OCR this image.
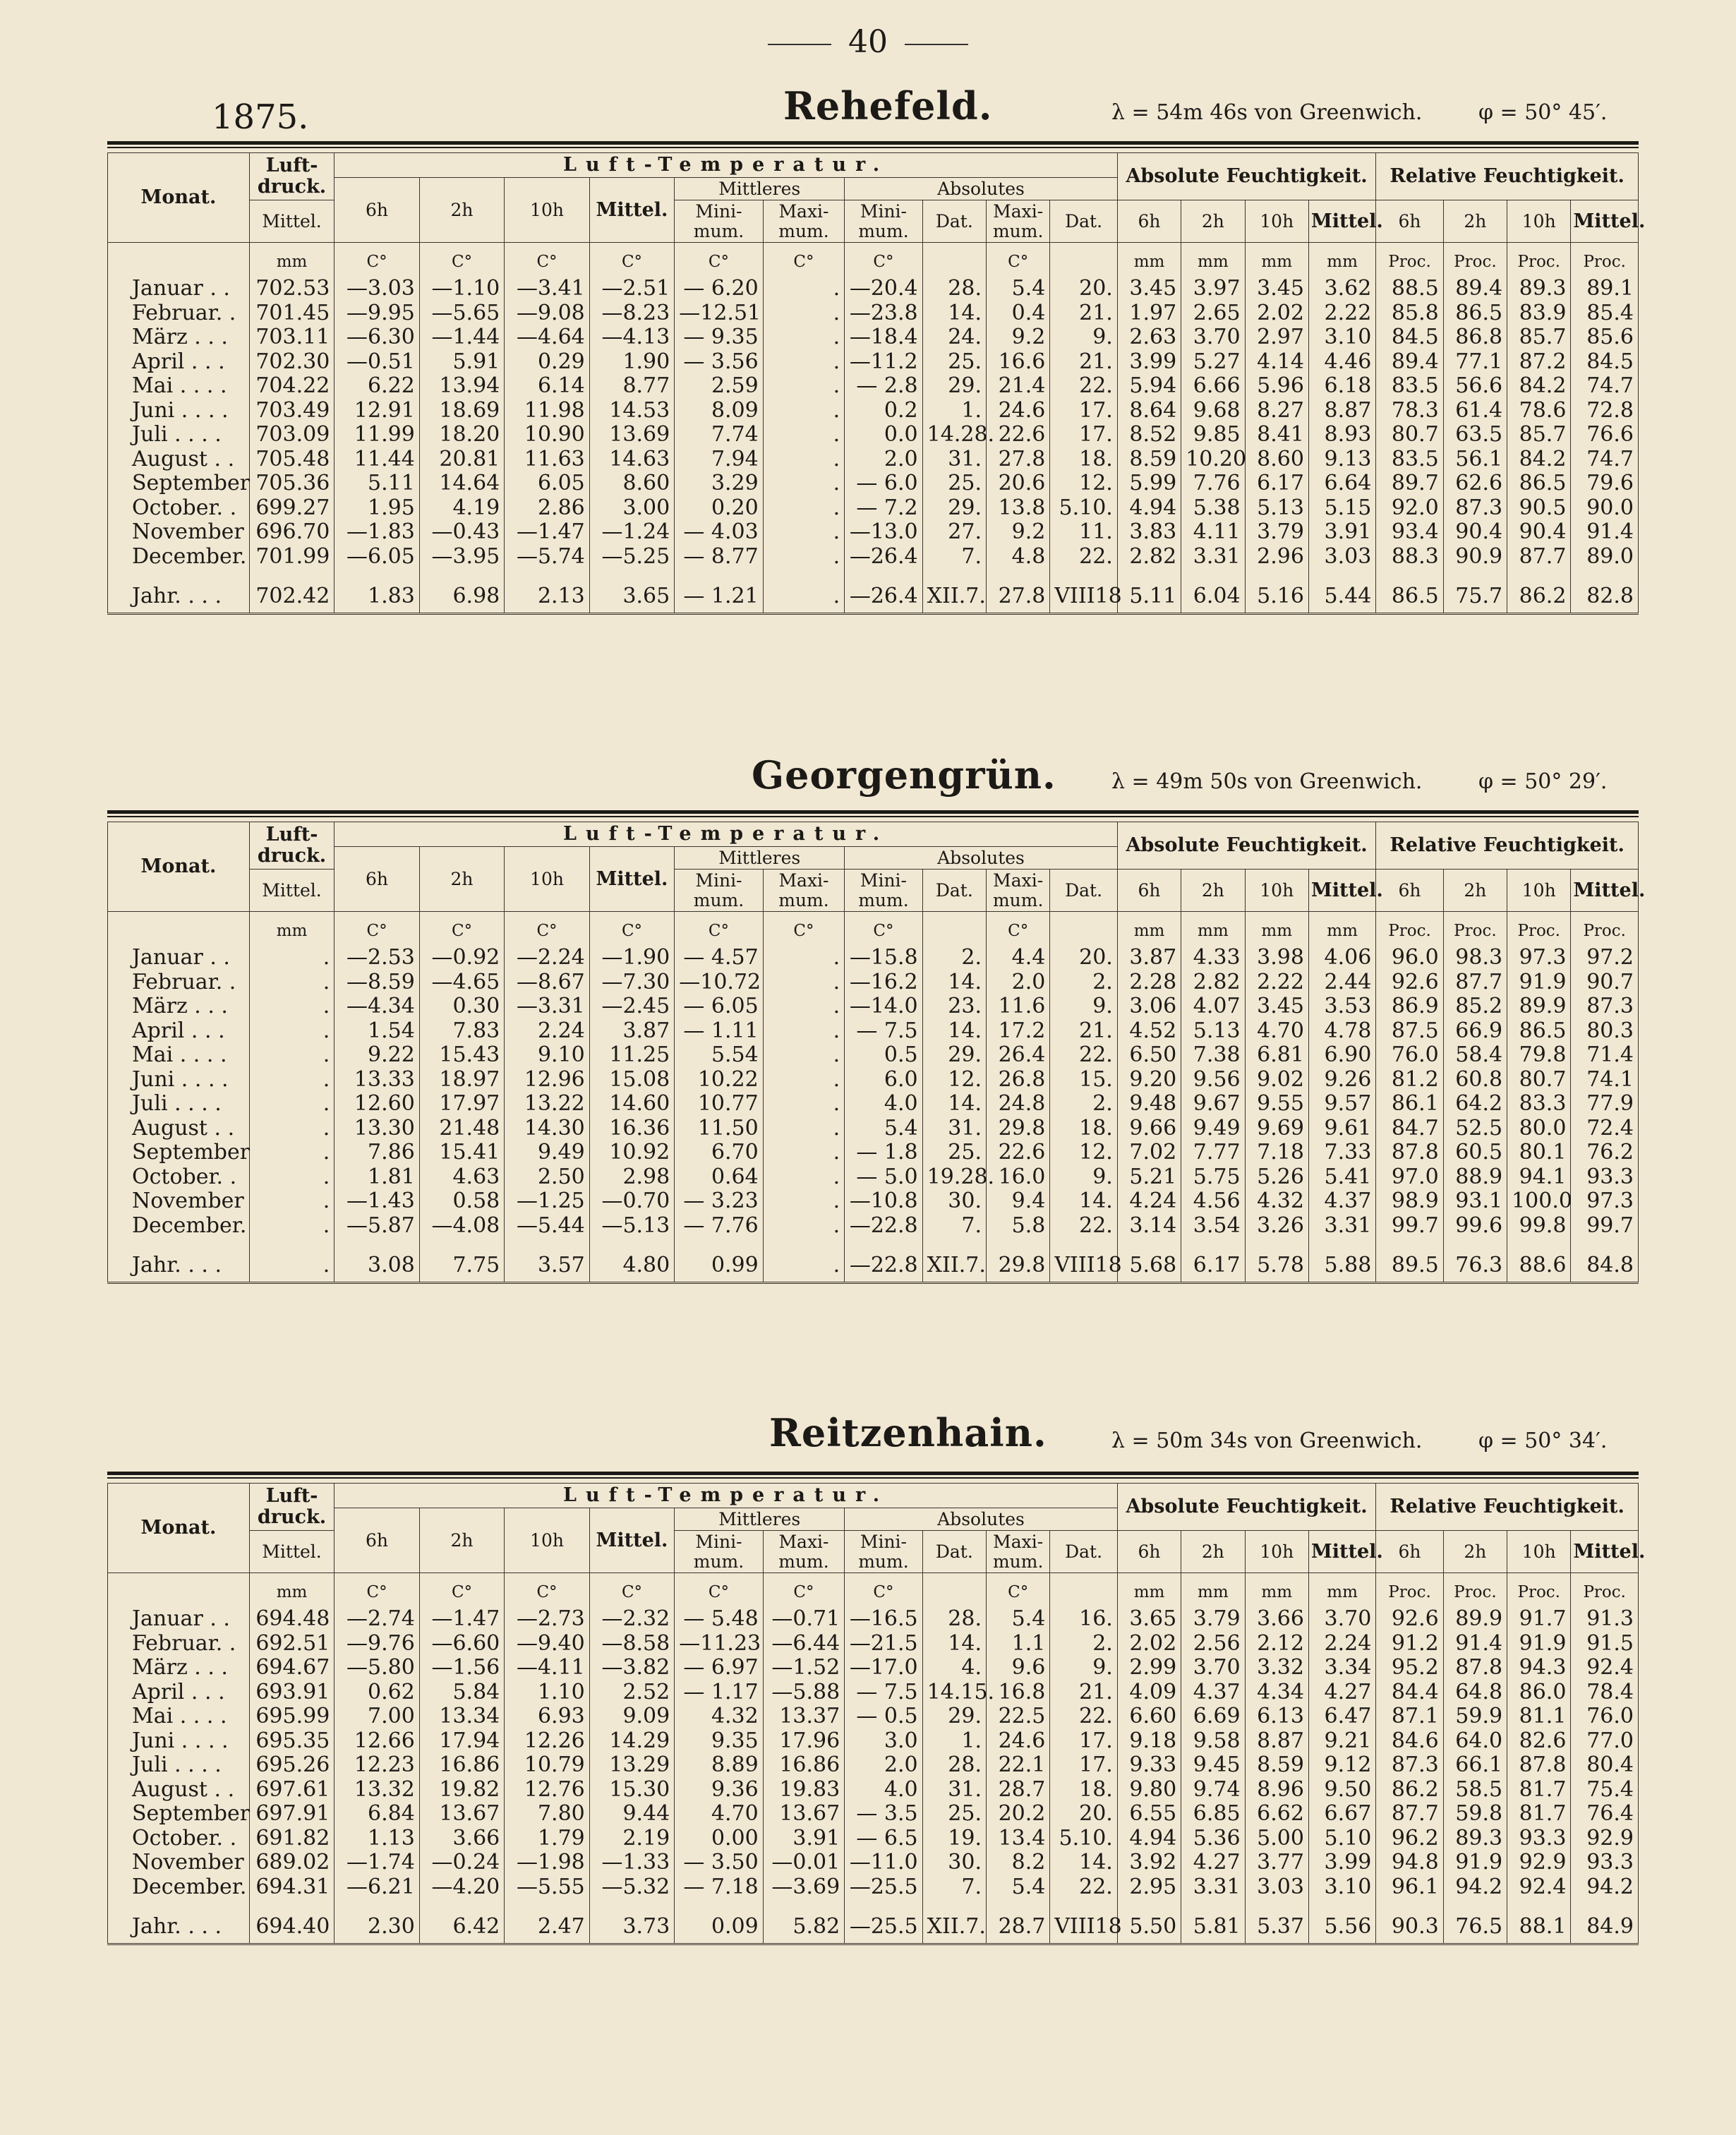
40
1875.	Rehefeld.	λ = 54m 46s von Greenwich.	φ = 50° 45′.
Monat.	Luft-druck.	Luft-Temperatur.										Absolute Feuchtigkeit.				Relative Feuchtigkeit.			
		6h	2h	10h	Mittel.	Mittleres		Absolutes											
	Mittel.					Mini-mum.	Maxi-mum.	Mini-mum.	Dat.	Maxi-mum.	Dat.	6h	2h	10h	Mittel.	6h	2h	10h	Mittel.
	mm	C°	C°	C°	C°	C°	C°	C°		C°		mm	mm	mm	mm	Proc.	Proc.	Proc.	Proc.
Januar . .	702.53	—3.03	—1.10	—3.41	—2.51	— 6.20	.	—20.4	28.	5.4	20.	3.45	3.97	3.45	3.62	88.5	89.4	89.3	89.1
Februar. .	701.45	—9.95	—5.65	—9.08	—8.23	—12.51	.	—23.8	14.	0.4	21.	1.97	2.65	2.02	2.22	85.8	86.5	83.9	85.4
März . . .	703.11	—6.30	—1.44	—4.64	—4.13	— 9.35	.	—18.4	24.	9.2	9.	2.63	3.70	2.97	3.10	84.5	86.8	85.7	85.6
April . . .	702.30	—0.51	5.91	0.29	1.90	— 3.56	.	—11.2	25.	16.6	21.	3.99	5.27	4.14	4.46	89.4	77.1	87.2	84.5
Mai . . . .	704.22	6.22	13.94	6.14	8.77	2.59	.	— 2.8	29.	21.4	22.	5.94	6.66	5.96	6.18	83.5	56.6	84.2	74.7
Juni . . . .	703.49	12.91	18.69	11.98	14.53	8.09	.	0.2	1.	24.6	17.	8.64	9.68	8.27	8.87	78.3	61.4	78.6	72.8
Juli . . . .	703.09	11.99	18.20	10.90	13.69	7.74	.	0.0	14.28.	22.6	17.	8.52	9.85	8.41	8.93	80.7	63.5	85.7	76.6
August . .	705.48	11.44	20.81	11.63	14.63	7.94	.	2.0	31.	27.8	18.	8.59	10.20	8.60	9.13	83.5	56.1	84.2	74.7
September	705.36	5.11	14.64	6.05	8.60	3.29	.	— 6.0	25.	20.6	12.	5.99	7.76	6.17	6.64	89.7	62.6	86.5	79.6
October. .	699.27	1.95	4.19	2.86	3.00	0.20	.	— 7.2	29.	13.8	5.10.	4.94	5.38	5.13	5.15	92.0	87.3	90.5	90.0
November	696.70	—1.83	—0.43	—1.47	—1.24	— 4.03	.	—13.0	27.	9.2	11.	3.83	4.11	3.79	3.91	93.4	90.4	90.4	91.4
December.	701.99	—6.05	—3.95	—5.74	—5.25	— 8.77	.	—26.4	7.	4.8	22.	2.82	3.31	2.96	3.03	88.3	90.9	87.7	89.0
Jahr. . . .	702.42	1.83	6.98	2.13	3.65	— 1.21	.	—26.4	XII.7.	27.8	VIII18	5.11	6.04	5.16	5.44	86.5	75.7	86.2	82.8
Georgengrün.	λ = 49m 50s von Greenwich.	φ = 50° 29′.
Monat.	Luft-druck.	Luft-Temperatur.										Absolute Feuchtigkeit.				Relative Feuchtigkeit.			
		6h	2h	10h	Mittel.	Mittleres		Absolutes											
	Mittel.					Mini-mum.	Maxi-mum.	Mini-mum.	Dat.	Maxi-mum.	Dat.	6h	2h	10h	Mittel.	6h	2h	10h	Mittel.
	mm	C°	C°	C°	C°	C°	C°	C°		C°		mm	mm	mm	mm	Proc.	Proc.	Proc.	Proc.
Januar . .	.	—2.53	—0.92	—2.24	—1.90	— 4.57	.	—15.8	2.	4.4	20.	3.87	4.33	3.98	4.06	96.0	98.3	97.3	97.2
Februar. .	.	—8.59	—4.65	—8.67	—7.30	—10.72	.	—16.2	14.	2.0	2.	2.28	2.82	2.22	2.44	92.6	87.7	91.9	90.7
März . . .	.	—4.34	0.30	—3.31	—2.45	— 6.05	.	—14.0	23.	11.6	9.	3.06	4.07	3.45	3.53	86.9	85.2	89.9	87.3
April . . .	.	1.54	7.83	2.24	3.87	— 1.11	.	— 7.5	14.	17.2	21.	4.52	5.13	4.70	4.78	87.5	66.9	86.5	80.3
Mai . . . .	.	9.22	15.43	9.10	11.25	5.54	.	0.5	29.	26.4	22.	6.50	7.38	6.81	6.90	76.0	58.4	79.8	71.4
Juni . . . .	.	13.33	18.97	12.96	15.08	10.22	.	6.0	12.	26.8	15.	9.20	9.56	9.02	9.26	81.2	60.8	80.7	74.1
Juli . . . .	.	12.60	17.97	13.22	14.60	10.77	.	4.0	14.	24.8	2.	9.48	9.67	9.55	9.57	86.1	64.2	83.3	77.9
August . .	.	13.30	21.48	14.30	16.36	11.50	.	5.4	31.	29.8	18.	9.66	9.49	9.69	9.61	84.7	52.5	80.0	72.4
September	.	7.86	15.41	9.49	10.92	6.70	.	— 1.8	25.	22.6	12.	7.02	7.77	7.18	7.33	87.8	60.5	80.1	76.2
October. .	.	1.81	4.63	2.50	2.98	0.64	.	— 5.0	19.28.	16.0	9.	5.21	5.75	5.26	5.41	97.0	88.9	94.1	93.3
November	.	—1.43	0.58	—1.25	—0.70	— 3.23	.	—10.8	30.	9.4	14.	4.24	4.56	4.32	4.37	98.9	93.1	100.0	97.3
December.	.	—5.87	—4.08	—5.44	—5.13	— 7.76	.	—22.8	7.	5.8	22.	3.14	3.54	3.26	3.31	99.7	99.6	99.8	99.7
Jahr. . . .	.	3.08	7.75	3.57	4.80	0.99	.	—22.8	XII.7.	29.8	VIII18	5.68	6.17	5.78	5.88	89.5	76.3	88.6	84.8
Reitzenhain.	λ = 50m 34s von Greenwich.	φ = 50° 34′.
Monat.	Luft-druck.	Luft-Temperatur.										Absolute Feuchtigkeit.				Relative Feuchtigkeit.			
		6h	2h	10h	Mittel.	Mittleres		Absolutes											
	Mittel.					Mini-mum.	Maxi-mum.	Mini-mum.	Dat.	Maxi-mum.	Dat.	6h	2h	10h	Mittel.	6h	2h	10h	Mittel.
	mm	C°	C°	C°	C°	C°	C°	C°		C°		mm	mm	mm	mm	Proc.	Proc.	Proc.	Proc.
Januar . .	694.48	—2.74	—1.47	—2.73	—2.32	— 5.48	—0.71	—16.5	28.	5.4	16.	3.65	3.79	3.66	3.70	92.6	89.9	91.7	91.3
Februar. .	692.51	—9.76	—6.60	—9.40	—8.58	—11.23	—6.44	—21.5	14.	1.1	2.	2.02	2.56	2.12	2.24	91.2	91.4	91.9	91.5
März . . .	694.67	—5.80	—1.56	—4.11	—3.82	— 6.97	—1.52	—17.0	4.	9.6	9.	2.99	3.70	3.32	3.34	95.2	87.8	94.3	92.4
April . . .	693.91	0.62	5.84	1.10	2.52	— 1.17	—5.88	— 7.5	14.15.	16.8	21.	4.09	4.37	4.34	4.27	84.4	64.8	86.0	78.4
Mai . . . .	695.99	7.00	13.34	6.93	9.09	4.32	13.37	— 0.5	29.	22.5	22.	6.60	6.69	6.13	6.47	87.1	59.9	81.1	76.0
Juni . . . .	695.35	12.66	17.94	12.26	14.29	9.35	17.96	3.0	1.	24.6	17.	9.18	9.58	8.87	9.21	84.6	64.0	82.6	77.0
Juli . . . .	695.26	12.23	16.86	10.79	13.29	8.89	16.86	2.0	28.	22.1	17.	9.33	9.45	8.59	9.12	87.3	66.1	87.8	80.4
August . .	697.61	13.32	19.82	12.76	15.30	9.36	19.83	4.0	31.	28.7	18.	9.80	9.74	8.96	9.50	86.2	58.5	81.7	75.4
September	697.91	6.84	13.67	7.80	9.44	4.70	13.67	— 3.5	25.	20.2	20.	6.55	6.85	6.62	6.67	87.7	59.8	81.7	76.4
October. .	691.82	1.13	3.66	1.79	2.19	0.00	3.91	— 6.5	19.	13.4	5.10.	4.94	5.36	5.00	5.10	96.2	89.3	93.3	92.9
November	689.02	—1.74	—0.24	—1.98	—1.33	— 3.50	—0.01	—11.0	30.	8.2	14.	3.92	4.27	3.77	3.99	94.8	91.9	92.9	93.3
December.	694.31	—6.21	—4.20	—5.55	—5.32	— 7.18	—3.69	—25.5	7.	5.4	22.	2.95	3.31	3.03	3.10	96.1	94.2	92.4	94.2
Jahr. . . .	694.40	2.30	6.42	2.47	3.73	0.09	5.82	—25.5	XII.7.	28.7	VIII18	5.50	5.81	5.37	5.56	90.3	76.5	88.1	84.9
